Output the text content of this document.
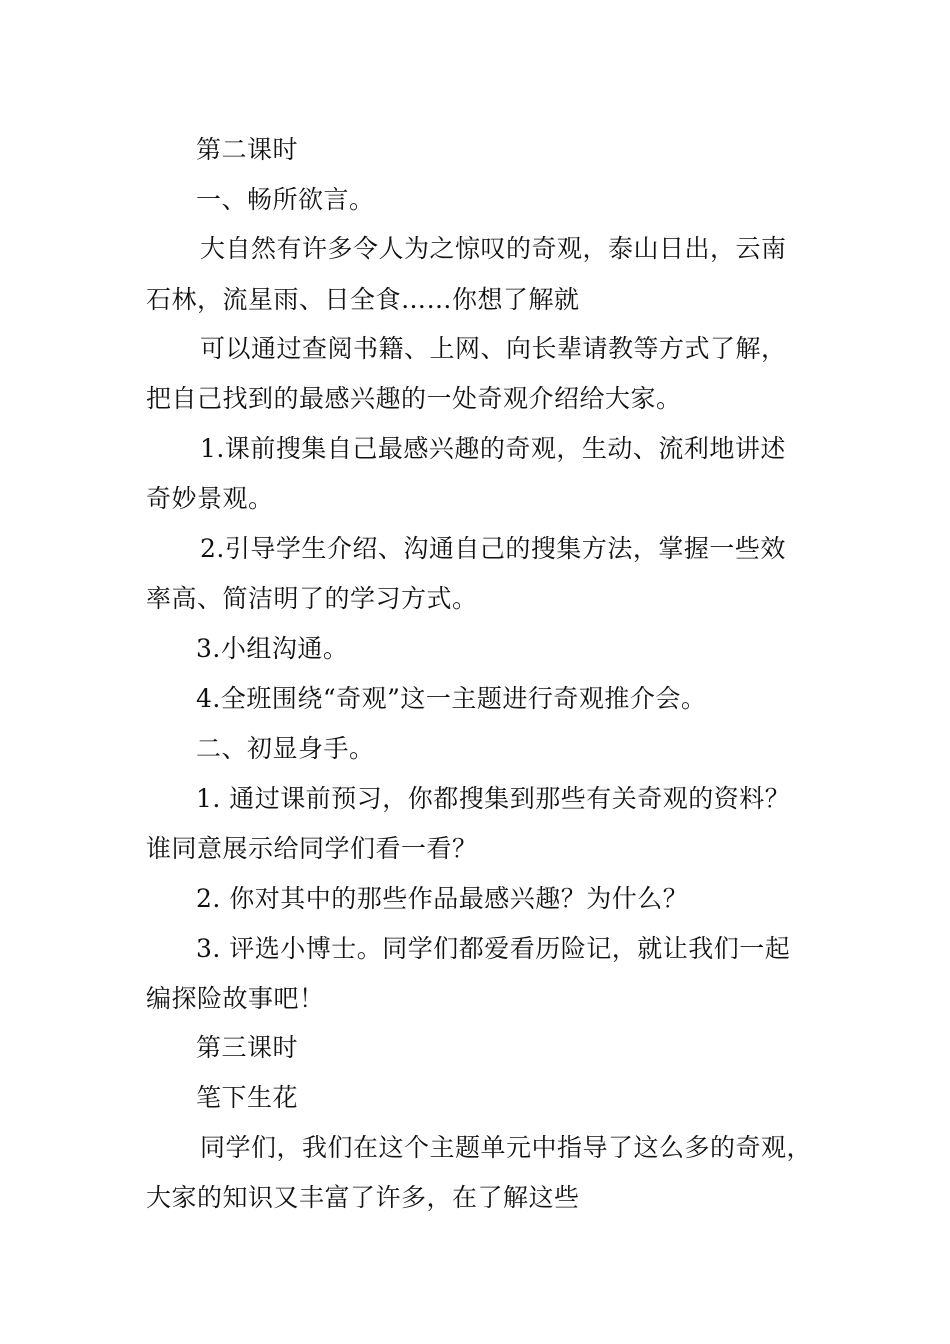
第二课时
一、畅所欲言。
大自然有许多令人为之惊叹的奇观，泰山日出，云南
石林，流星雨、日全食……你想了解就
可以通过查阅书籍、上网、向长辈请教等方式了解，
把自己找到的最感兴趣的一处奇观介绍给大家。
1.课前搜集自己最感兴趣的奇观，生动、流利地讲述
奇妙景观。
2.引导学生介绍、沟通自己的搜集方法，掌握一些效
率高、简洁明了的学习方式。
3.小组沟通。
4.全班围绕“奇观”这一主题进行奇观推介会。
二、初显身手。
1. 通过课前预习，你都搜集到那些有关奇观的资料？
谁同意展示给同学们看一看？
2. 你对其中的那些作品最感兴趣？为什么？
3. 评选小博士。同学们都爱看历险记，就让我们一起
编探险故事吧！
第三课时
笔下生花
同学们，我们在这个主题单元中指导了这么多的奇观，
大家的知识又丰富了许多，在了解这些
